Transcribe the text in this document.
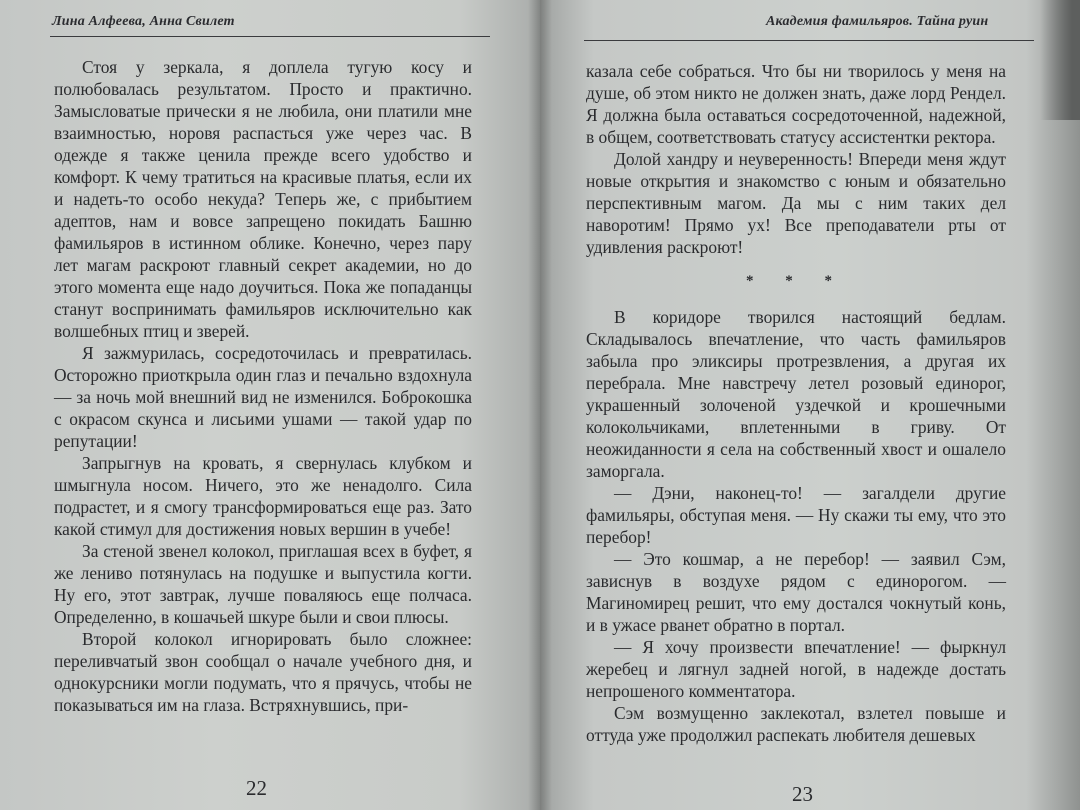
Лина Алфеева, Анна Свилет

Стоя у зеркала, я доплела тугую косу и полюбовалась результатом. Просто и практично. Замысловатые прически я не любила, они платили мне взаимностью, норовя распасться уже через час. В одежде я также ценила прежде всего удобство и комфорт. К чему тратиться на красивые платья, если их и надеть-то особо некуда? Теперь же, с прибытием адептов, нам и вовсе запрещено покидать Башню фамильяров в истинном облике. Конечно, через пару лет магам раскроют главный секрет академии, но до этого момента еще надо доучиться. Пока же попаданцы станут воспринимать фамильяров исключительно как волшебных птиц и зверей.

Я зажмурилась, сосредоточилась и превратилась. Осторожно приоткрыла один глаз и печально вздохнула — за ночь мой внешний вид не изменился. Боброкошка с окрасом скунса и лисьими ушами — такой удар по репутации!

Запрыгнув на кровать, я свернулась клубком и шмыгнула носом. Ничего, это же ненадолго. Сила подрастет, и я смогу трансформироваться еще раз. Зато какой стимул для достижения новых вершин в учебе!

За стеной звенел колокол, приглашая всех в буфет, я же лениво потянулась на подушке и выпустила когти. Ну его, этот завтрак, лучше поваляюсь еще полчаса. Определенно, в кошачьей шкуре были и свои плюсы.

Второй колокол игнорировать было сложнее: переливчатый звон сообщал о начале учебного дня, и однокурсники могли подумать, что я прячусь, чтобы не показываться им на глаза. Встряхнувшись, при-

22
Академия фамильяров. Тайна руин

казала себе собраться. Что бы ни творилось у меня на душе, об этом никто не должен знать, даже лорд Рендел. Я должна была оставаться сосредоточенной, надежной, в общем, соответствовать статусу ассистентки ректора.

Долой хандру и неуверенность! Впереди меня ждут новые открытия и знакомство с юным и обязательно перспективным магом. Да мы с ним таких дел наворотим! Прямо ух! Все преподаватели рты от удивления раскроют!

* * *

В коридоре творился настоящий бедлам. Складывалось впечатление, что часть фамильяров забыла про эликсиры протрезвления, а другая их перебрала. Мне навстречу летел розовый единорог, украшенный золоченой уздечкой и крошечными колокольчиками, вплетенными в гриву. От неожиданности я села на собственный хвост и ошалело заморгала.

— Дэни, наконец-то! — загалдели другие фамильяры, обступая меня. — Ну скажи ты ему, что это перебор!

— Это кошмар, а не перебор! — заявил Сэм, зависнув в воздухе рядом с единорогом. — Магиномирец решит, что ему достался чокнутый конь, и в ужасе рванет обратно в портал.

— Я хочу произвести впечатление! — фыркнул жеребец и лягнул задней ногой, в надежде достать непрошеного комментатора.

Сэм возмущенно заклекотал, взлетел повыше и оттуда уже продолжил распекать любителя дешевых

23
